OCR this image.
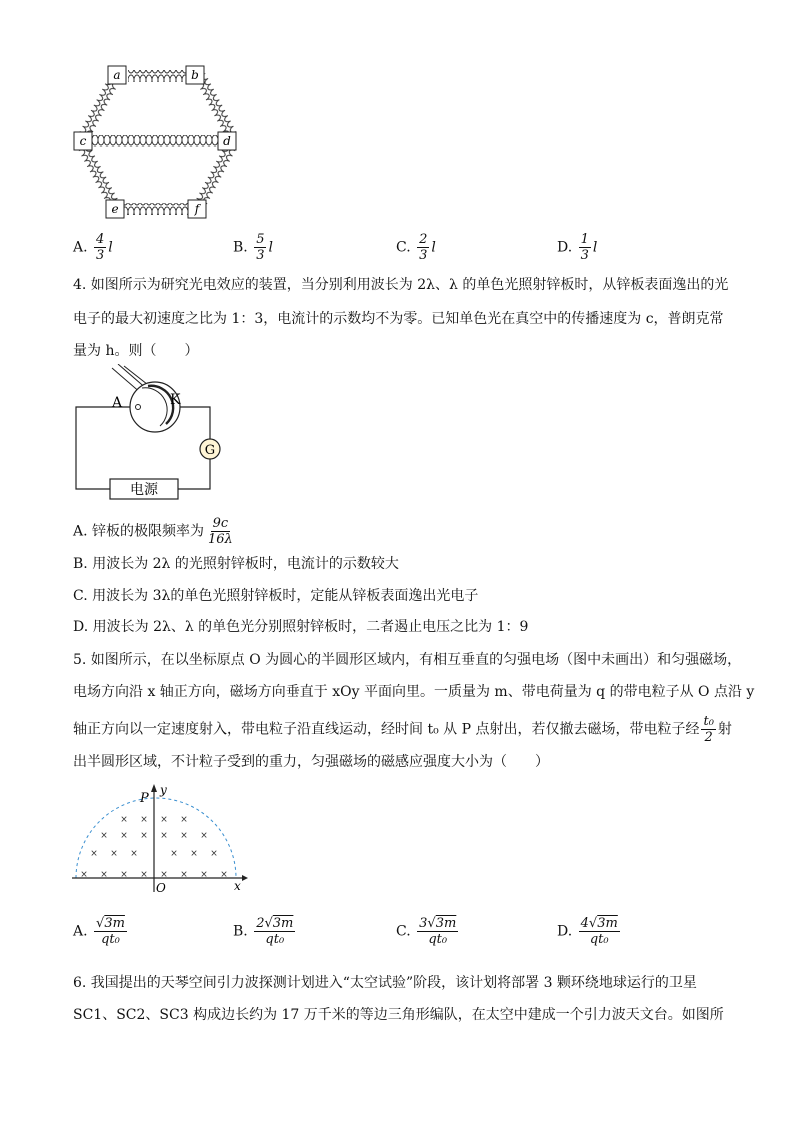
a	b
c	d
e	f
A. $\frac{4}{3}$ l	B. $\frac{5}{3}$ l	C. $\frac{2}{3}$ l	D. $\frac{1}{3}$ l
4. 如图所示为研究光电效应的装置，当分别利用波长为 2λ、λ 的单色光照射锌板时，从锌板表面逸出的光
电子的最大初速度之比为 1：3，电流计的示数均不为零。已知单色光在真空中的传播速度为 c，普朗克常
量为 h。则（　　）
G
A	K
电源
A. 锌板的极限频率为 $\frac{9c}{16\lambda}$
B. 用波长为 2λ 的光照射锌板时，电流计的示数较大
C. 用波长为 3λ的单色光照射锌板时，定能从锌板表面逸出光电子
D. 用波长为 2λ、λ 的单色光分别照射锌板时，二者遏止电压之比为 1：9
5. 如图所示，在以坐标原点 O 为圆心的半圆形区域内，有相互垂直的匀强电场（图中未画出）和匀强磁场，
电场方向沿 x 轴正方向，磁场方向垂直于 xOy 平面向里。一质量为 m、带电荷量为 q 的带电粒子从 O 点沿 y
轴正方向以一定速度射入，带电粒子沿直线运动，经时间 t₀ 从 P 点射出，若仅撤去磁场，带电粒子经 $\frac{\text{t₀}}{2}$ 射
出半圆形区域，不计粒子受到的重力，匀强磁场的磁感应强度大小为（　　）
× × × ×
× × × × × ×
× × ×	× × ×
× × × × × × × ×
P
y
O	x
A. $\frac{√3m}{\text{qt₀}}$	B. $\frac{2√3m}{\text{qt₀}}$	C. $\frac{3√3m}{\text{qt₀}}$	D. $\frac{4√3m}{\text{qt₀}}$
6. 我国提出的天琴空间引力波探测计划进入“太空试验”阶段，该计划将部署 3 颗环绕地球运行的卫星
SC1、SC2、SC3 构成边长约为 17 万千米的等边三角形编队，在太空中建成一个引力波天文台。如图所
